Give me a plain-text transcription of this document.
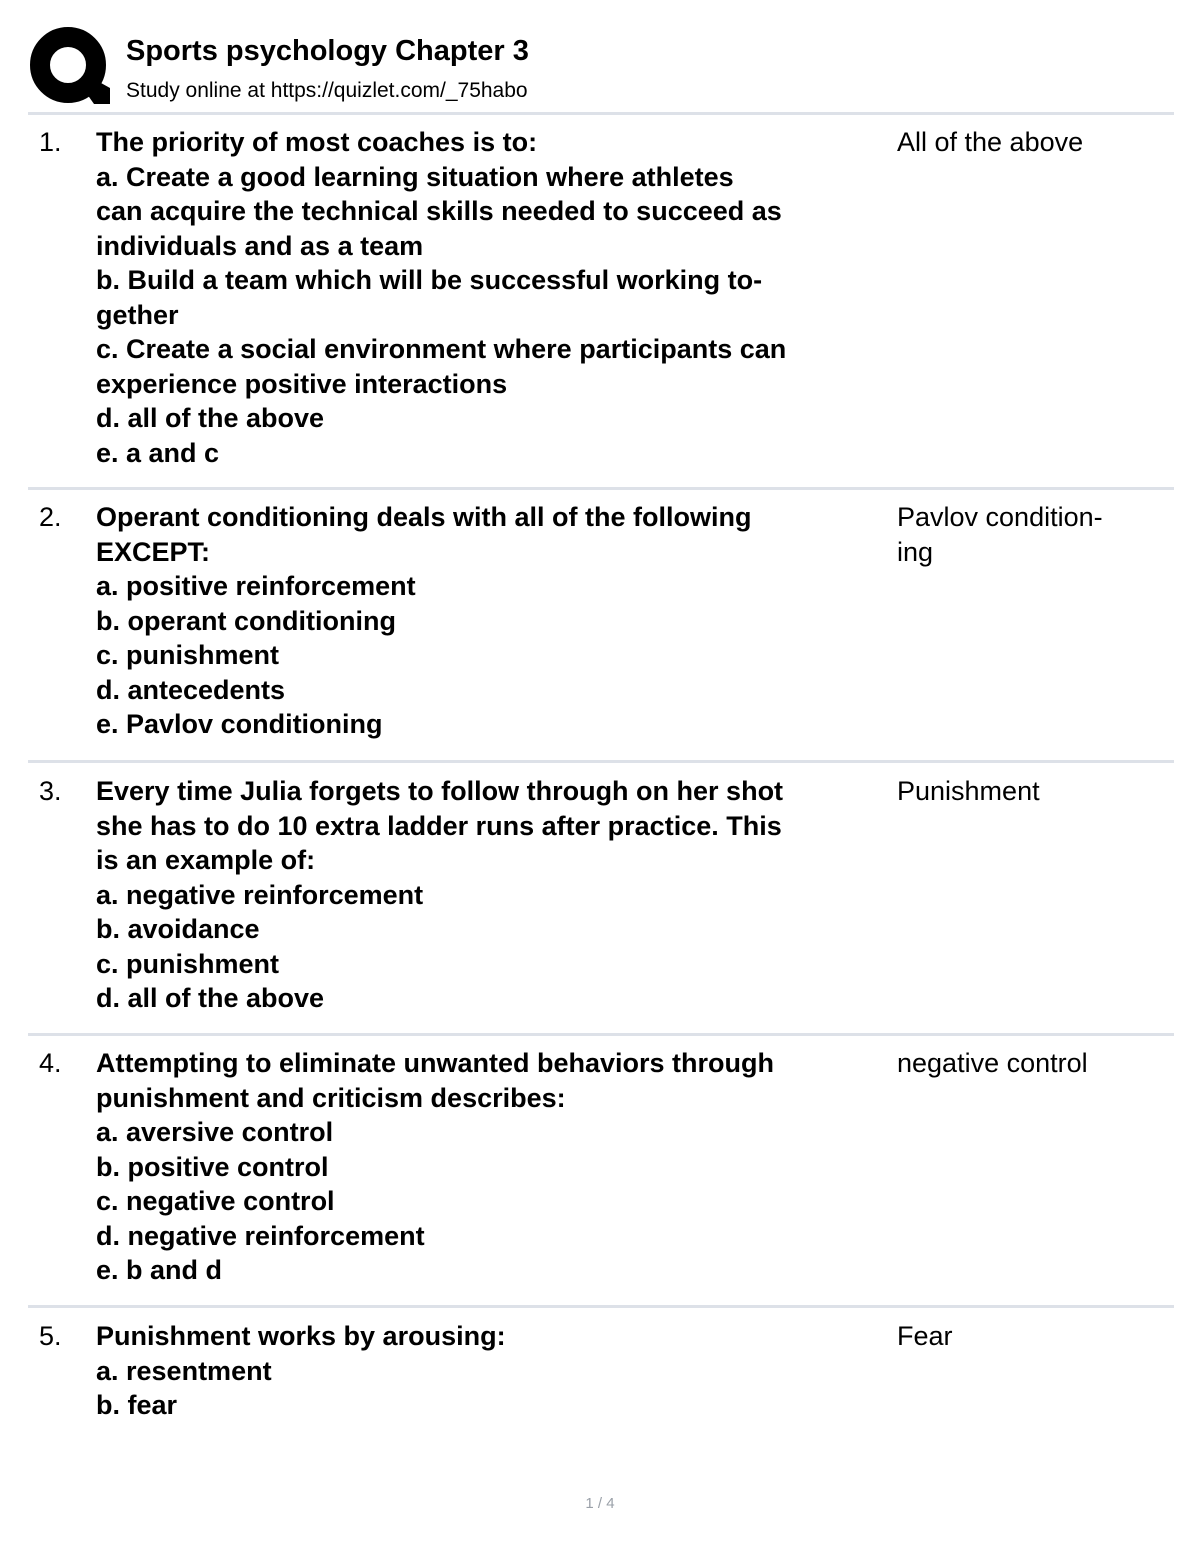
Sports psychology Chapter 3
Study online at https://quizlet.com/_75habo
1. The priority of most coaches is to:
a. Create a good learning situation where athletes
can acquire the technical skills needed to succeed as
individuals and as a team
b. Build a team which will be successful working to-
gether
c. Create a social environment where participants can
experience positive interactions
d. all of the above
e. a and c
All of the above
2. Operant conditioning deals with all of the following
EXCEPT:
a. positive reinforcement
b. operant conditioning
c. punishment
d. antecedents
e. Pavlov conditioning
Pavlov condition-
ing
3. Every time Julia forgets to follow through on her shot
she has to do 10 extra ladder runs after practice. This
is an example of:
a. negative reinforcement
b. avoidance
c. punishment
d. all of the above
Punishment
4. Attempting to eliminate unwanted behaviors through
punishment and criticism describes:
a. aversive control
b. positive control
c. negative control
d. negative reinforcement
e. b and d
negative control
5. Punishment works by arousing:
a. resentment
b. fear
Fear
1 / 4
